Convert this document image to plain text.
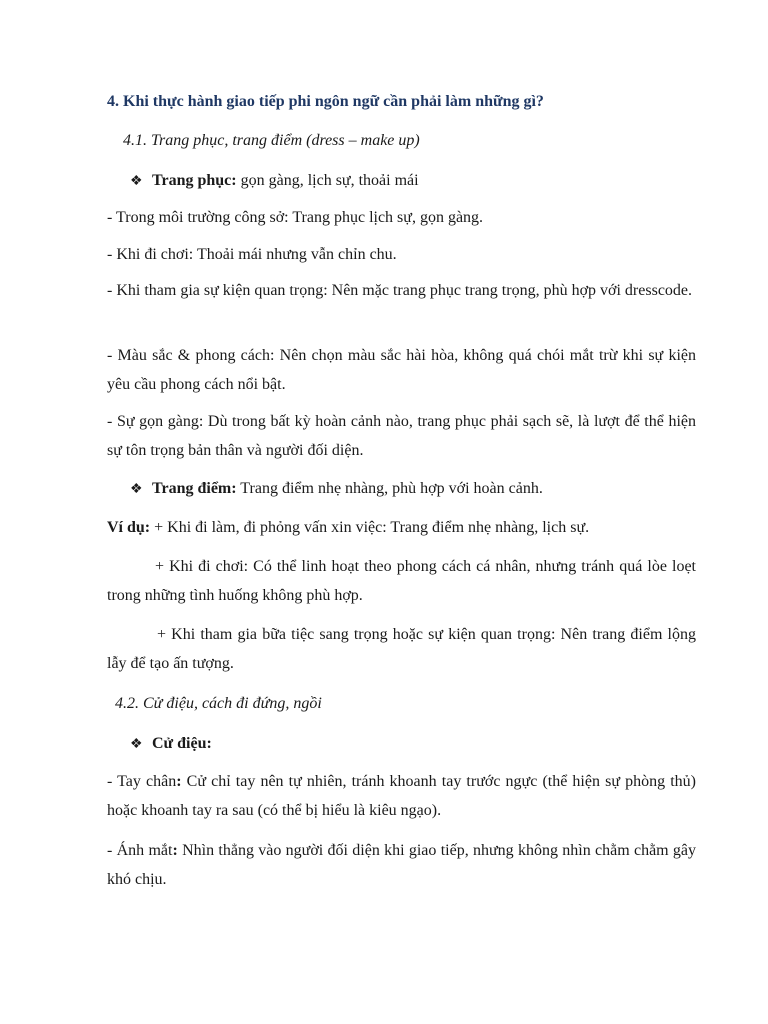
4. Khi thực hành giao tiếp phi ngôn ngữ cần phải làm những gì?
4.1. Trang phục, trang điểm (dress – make up)
❖ Trang phục: gọn gàng, lịch sự, thoải mái
- Trong môi trường công sở: Trang phục lịch sự, gọn gàng.
- Khi đi chơi: Thoải mái nhưng vẫn chỉn chu.
- Khi tham gia sự kiện quan trọng: Nên mặc trang phục trang trọng, phù hợp với dresscode.
- Màu sắc & phong cách: Nên chọn màu sắc hài hòa, không quá chói mắt trừ khi sự kiện yêu cầu phong cách nổi bật.
- Sự gọn gàng: Dù trong bất kỳ hoàn cảnh nào, trang phục phải sạch sẽ, là lượt để thể hiện sự tôn trọng bản thân và người đối diện.
❖ Trang điểm: Trang điểm nhẹ nhàng, phù hợp với hoàn cảnh.
Ví dụ: + Khi đi làm, đi phỏng vấn xin việc: Trang điểm nhẹ nhàng, lịch sự.
+ Khi đi chơi: Có thể linh hoạt theo phong cách cá nhân, nhưng tránh quá lòe loẹt trong những tình huống không phù hợp.
+ Khi tham gia bữa tiệc sang trọng hoặc sự kiện quan trọng: Nên trang điểm lộng lẫy để tạo ấn tượng.
4.2. Cử điệu, cách đi đứng, ngồi
❖ Cử điệu:
- Tay chân: Cử chỉ tay nên tự nhiên, tránh khoanh tay trước ngực (thể hiện sự phòng thủ) hoặc khoanh tay ra sau (có thể bị hiểu là kiêu ngạo).
- Ánh mắt: Nhìn thẳng vào người đối diện khi giao tiếp, nhưng không nhìn chằm chằm gây khó chịu.
